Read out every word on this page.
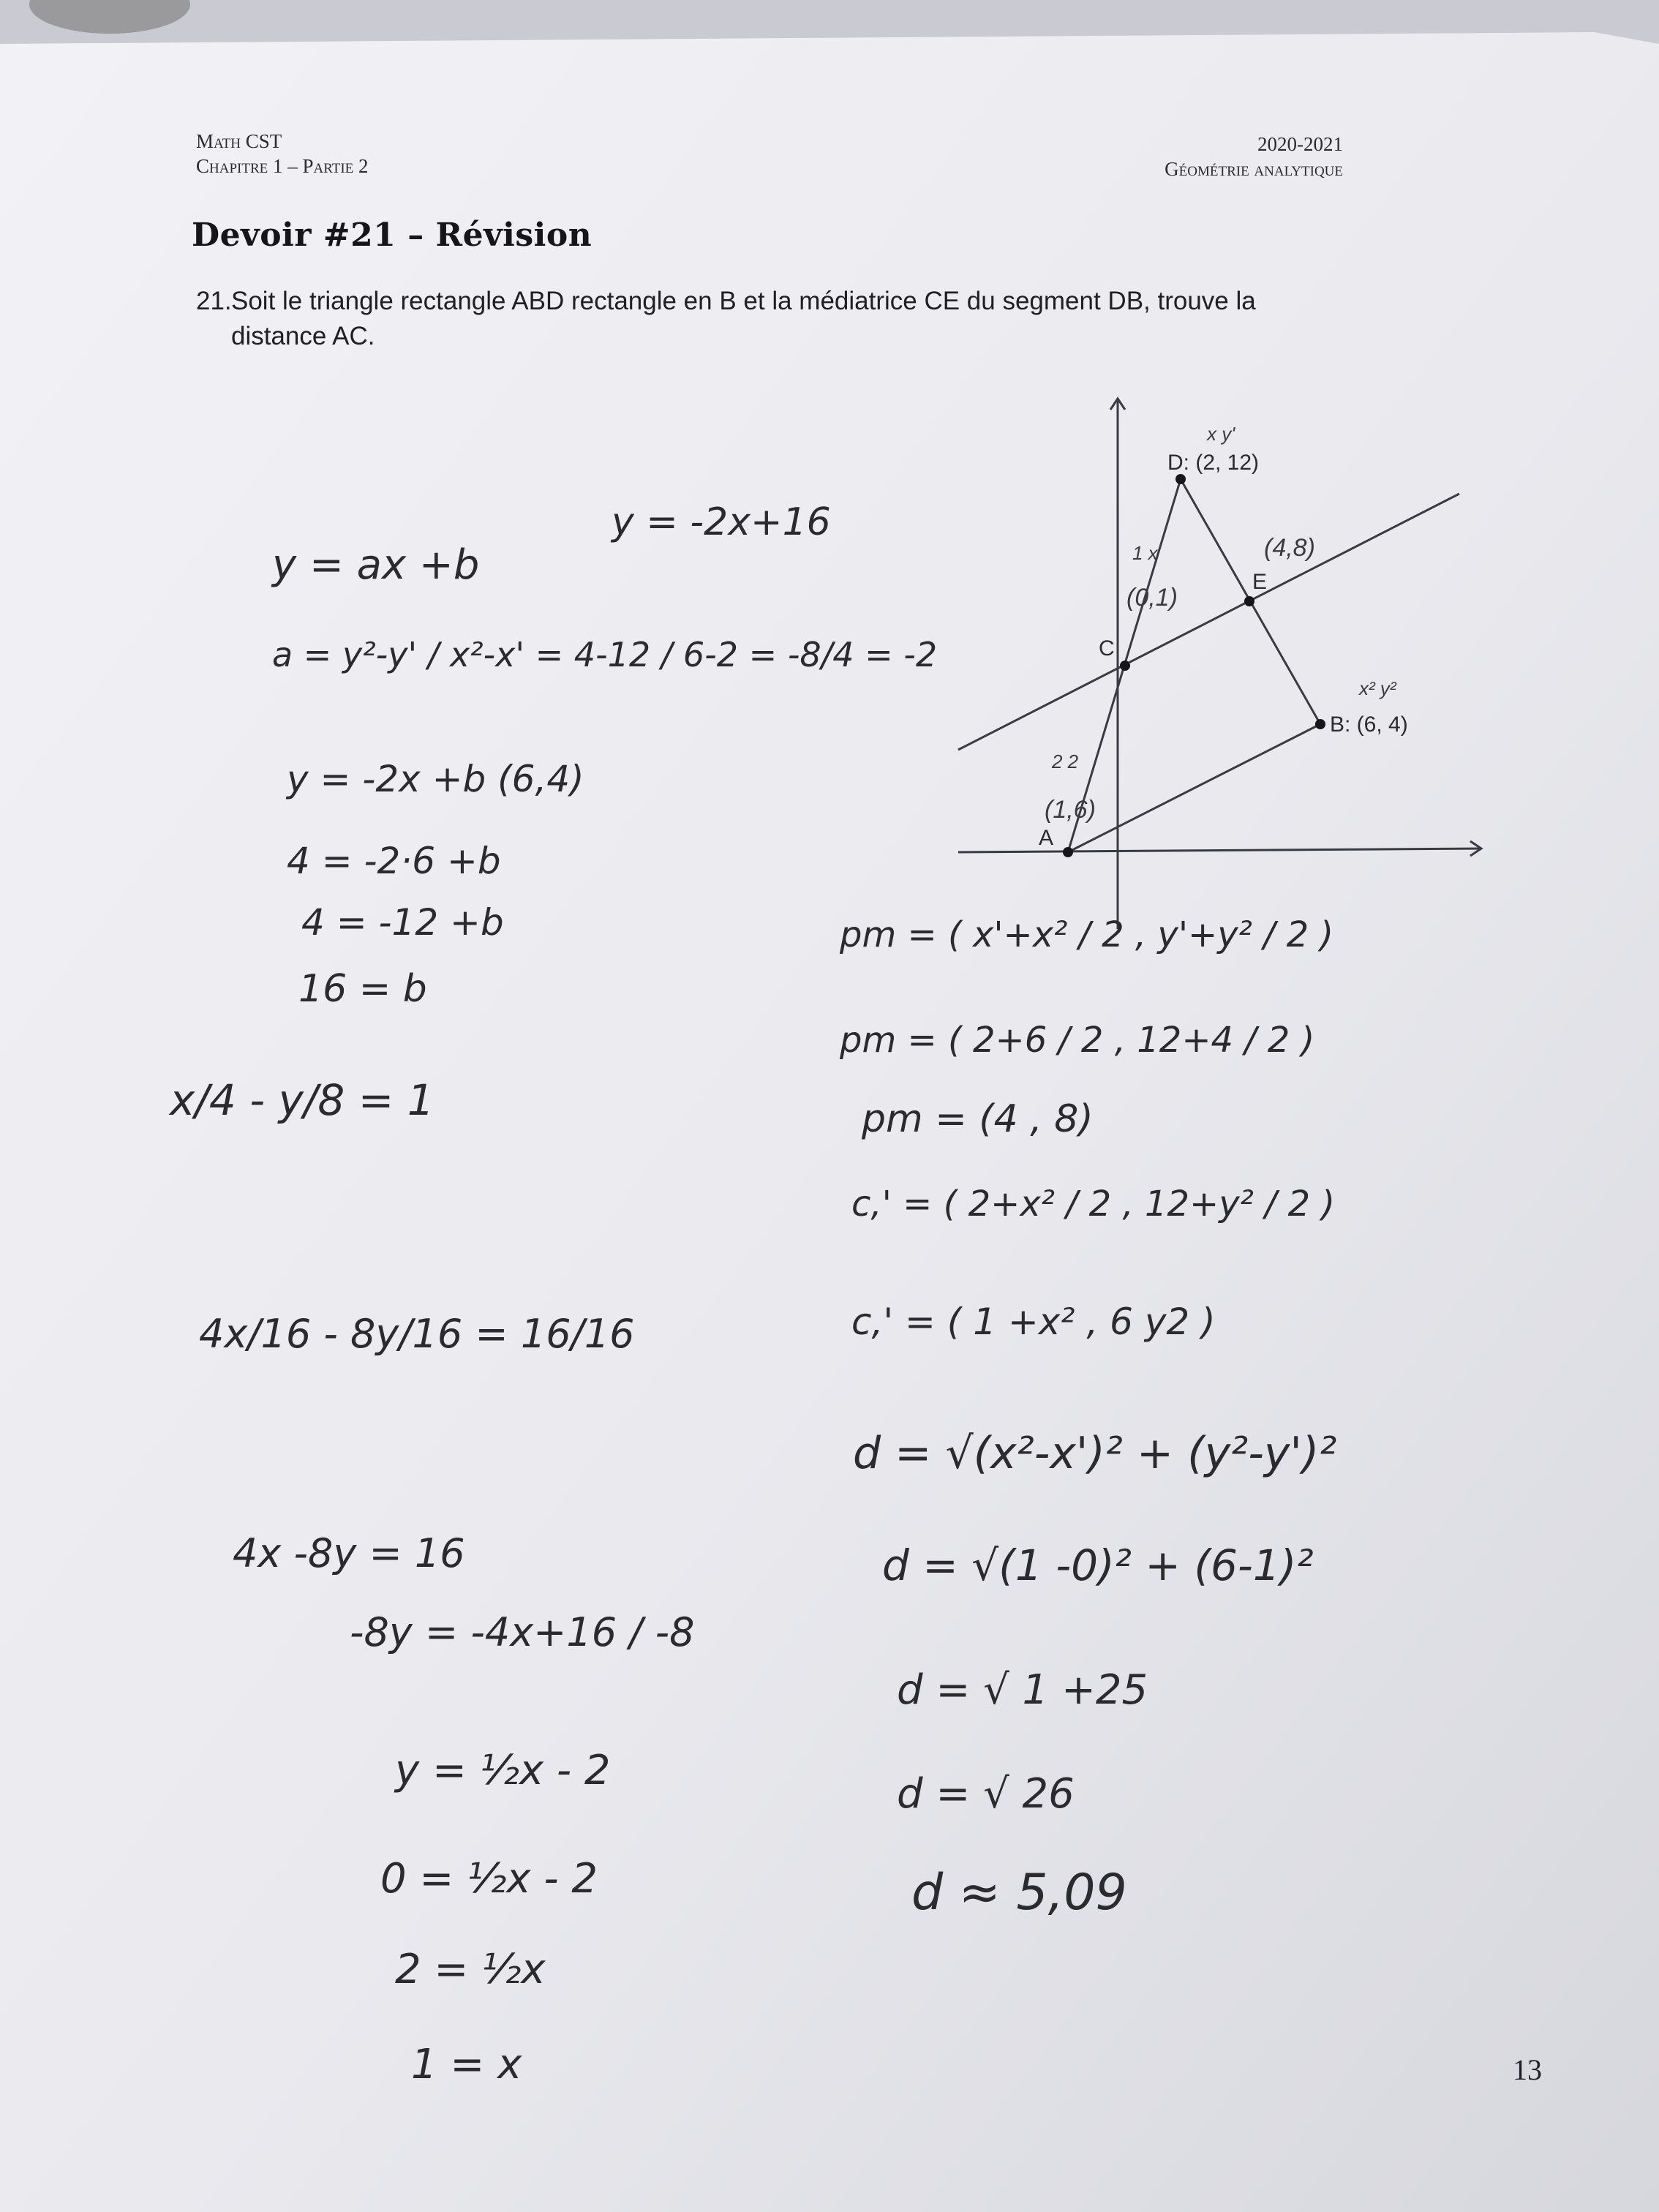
Math CST
Chapitre 1 – Partie 2
2020-2021
Géométrie analytique
Devoir #21 – Révision
21.Soit le triangle rectangle ABD rectangle en B et la médiatrice CE du segment DB, trouve la
distance AC.
D: (2, 12)
B: (6, 4)
E
C
A
x y'
x² y²
(4,8)
(0,1)
1 x
(1,6)
2 2
y = -2x+16
y = ax +b
a = y²-y' / x²-x' = 4-12 / 6-2 = -8/4 = -2
y = -2x +b (6,4)
4 = -2·6 +b
4 = -12 +b
16 = b
x/4 - y/8 = 1
4x/16 - 8y/16 = 16/16
4x -8y = 16
-8y = -4x+16 / -8
y = ½x - 2
0 = ½x - 2
2 = ½x
1 = x
pm = ( x'+x² / 2 , y'+y² / 2 )
pm = ( 2+6 / 2 , 12+4 / 2 )
pm = (4 , 8)
c,' = ( 2+x² / 2 , 12+y² / 2 )
c,' = ( 1 +x² , 6 y2 )
d = √(x²-x')² + (y²-y')²
d = √(1 -0)² + (6-1)²
d = √ 1 +25
d = √ 26
d ≈ 5,09
13
